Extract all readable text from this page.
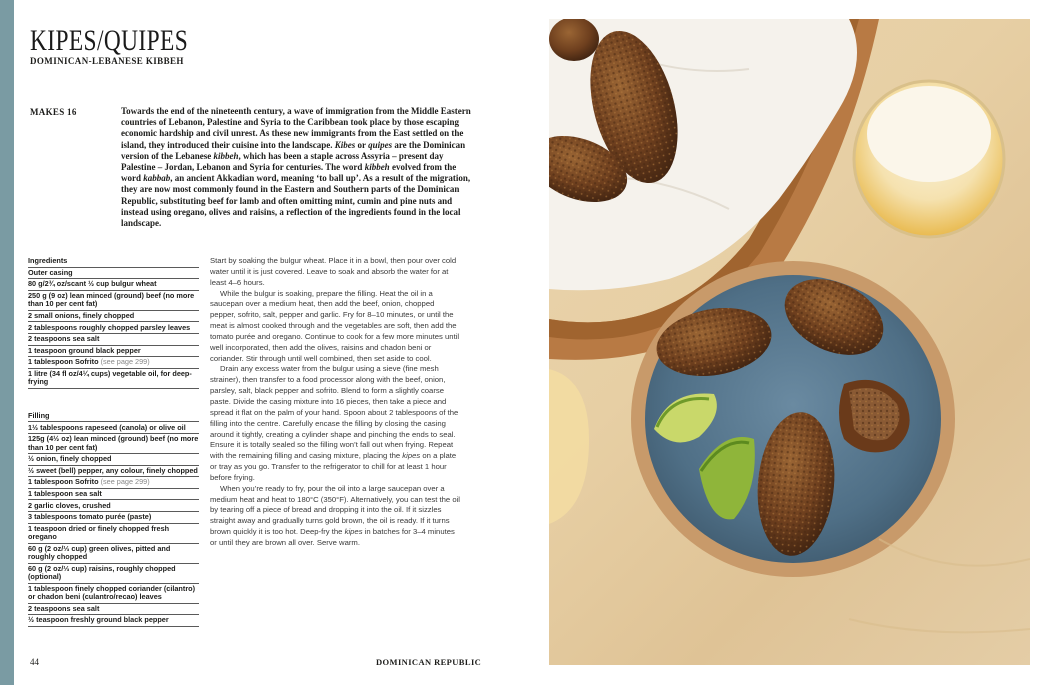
KIPES/QUIPES
DOMINICAN-LEBANESE KIBBEH
MAKES 16	Towards the end of the nineteenth century, a wave of immigration from the Middle Eastern countries of Lebanon, Palestine and Syria to the Caribbean took place by those escaping economic hardship and civil unrest. As these new immigrants from the East settled on the island, they introduced their cuisine into the landscape. Kibes or quipes are the Dominican version of the Lebanese kibbeh, which has been a staple across Assyria – present day Palestine – Jordan, Lebanon and Syria for centuries. The word kibbeh evolved from the word kabbab, an ancient Akkadian word, meaning ‘to ball up’. As a result of the migration, they are now most commonly found in the Eastern and Southern parts of the Dominican Republic, substituting beef for lamb and often omitting mint, cumin and pine nuts and instead using oregano, olives and raisins, a reflection of the ingredients found in the local landscape.

Ingredients
Outer casing
80 g/2¾ oz/scant ½ cup bulgur wheat
250 g (9 oz) lean minced (ground) beef (no more than 10 per cent fat)
2 small onions, finely chopped
2 tablespoons roughly chopped parsley leaves
2 teaspoons sea salt
1 teaspoon ground black pepper
1 tablespoon Sofrito (see page 299)
1 litre (34 fl oz/4¼ cups) vegetable oil, for deep-frying
Filling
1½ tablespoons rapeseed (canola) or olive oil
125g (4½ oz) lean minced (ground) beef (no more than 10 per cent fat)
½ onion, finely chopped
½ sweet (bell) pepper, any colour, finely chopped
1 tablespoon Sofrito (see page 299)
1 tablespoon sea salt
2 garlic cloves, crushed
3 tablespoons tomato purée (paste)
1 teaspoon dried or finely chopped fresh oregano
60 g (2 oz/⅓ cup) green olives, pitted and roughly chopped
60 g (2 oz/⅓ cup) raisins, roughly chopped (optional)
1 tablespoon finely chopped coriander (cilantro) or chadon beni (culantro/recao) leaves
2 teaspoons sea salt
½ teaspoon freshly ground black pepper

Start by soaking the bulgur wheat. Place it in a bowl, then pour over cold water until it is just covered. Leave to soak and absorb the water for at least 4–6 hours.

While the bulgur is soaking, prepare the filling. Heat the oil in a saucepan over a medium heat, then add the beef, onion, chopped pepper, sofrito, salt, pepper and garlic. Fry for 8–10 minutes, or until the meat is almost cooked through and the vegetables are soft, then add the tomato purée and oregano. Continue to cook for a few more minutes until well incorporated, then add the olives, raisins and chadon beni or coriander. Stir through until well combined, then set aside to cool.

Drain any excess water from the bulgur using a sieve (fine mesh strainer), then transfer to a food processor along with the beef, onion, parsley, salt, black pepper and sofrito. Blend to form a slightly coarse paste. Divide the casing mixture into 16 pieces, then take a piece and spread it flat on the palm of your hand. Spoon about 2 tablespoons of the filling into the centre. Carefully encase the filling by closing the casing around it tightly, creating a cylinder shape and pinching the ends to seal. Ensure it is totally sealed so the filling won’t fall out when frying. Repeat with the remaining filling and casing mixture, placing the kipes on a plate or tray as you go. Transfer to the refrigerator to chill for at least 1 hour before frying.

When you’re ready to fry, pour the oil into a large saucepan over a medium heat and heat to 180°C (350°F). Alternatively, you can test the oil by tearing off a piece of bread and dropping it into the oil. If it sizzles straight away and gradually turns gold brown, the oil is ready. If it turns brown quickly it is too hot. Deep-fry the kipes in batches for 3–4 minutes or until they are brown all over. Serve warm.

44	DOMINICAN REPUBLIC
